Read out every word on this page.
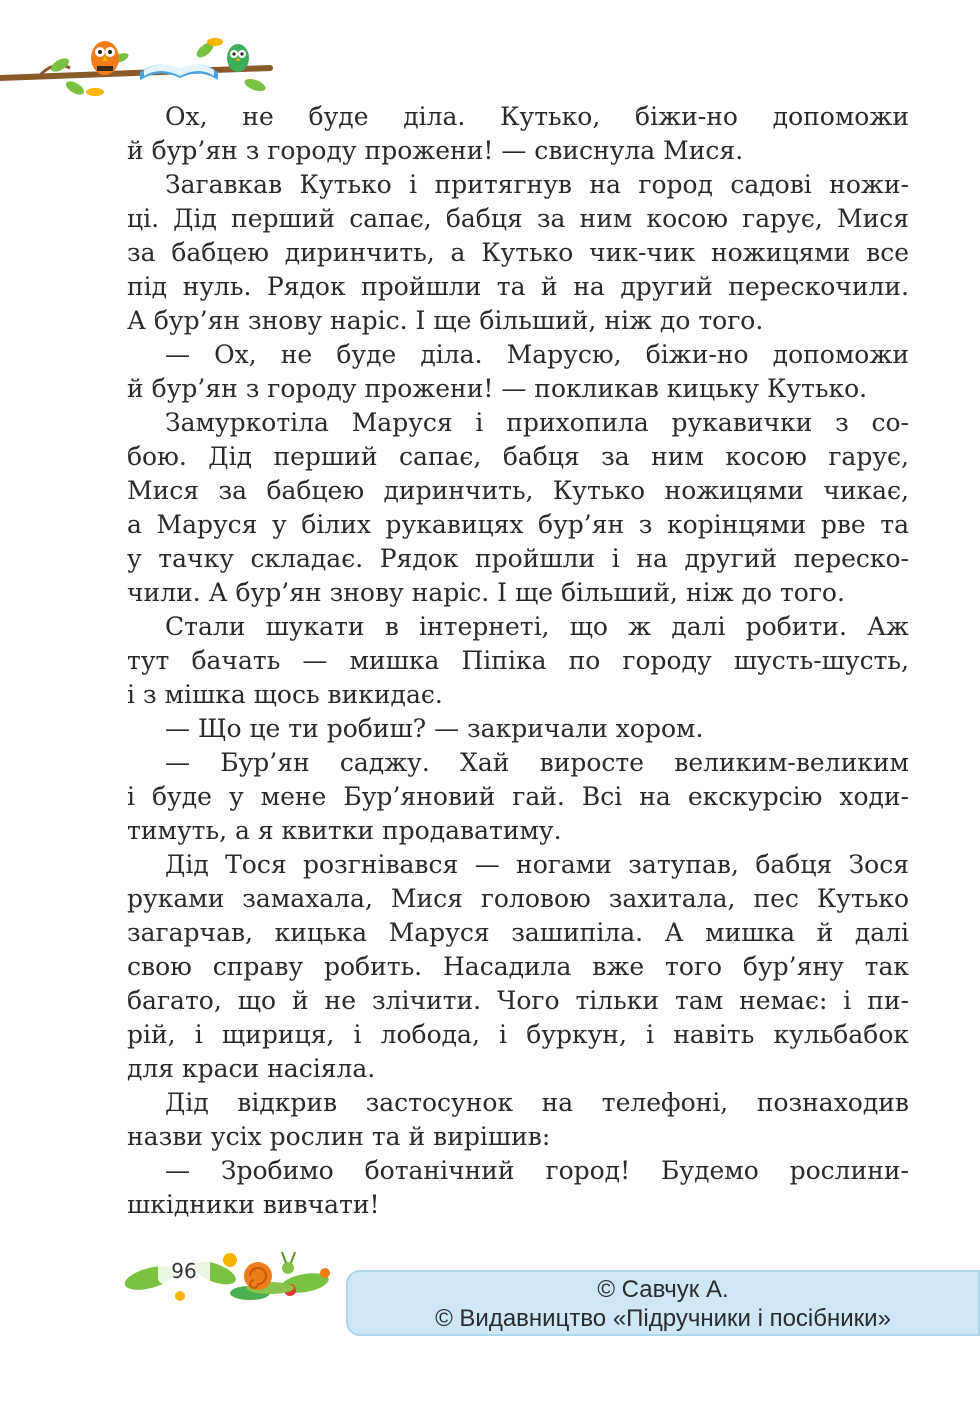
Ох, не буде діла. Кутько, біжи-но допоможи

й бур’ян з городу прожени! — свиснула Мися.

Загавкав Кутько і притягнув на город садові ножи-

ці. Дід перший сапає, бабця за ним косою гарує, Мися

за бабцею диринчить, а Кутько чик-чик ножицями все

під нуль. Рядок пройшли та й на другий перескочили.

А бур’ян знову наріс. І ще більший, ніж до того.

— Ох, не буде діла. Марусю, біжи-но допоможи

й бур’ян з городу прожени! — покликав кицьку Кутько.

Замуркотіла Маруся і прихопила рукавички з со-

бою. Дід перший сапає, бабця за ним косою гарує,

Мися за бабцею диринчить, Кутько ножицями чикає,

а Маруся у білих рукавицях бур’ян з корінцями рве та

у тачку складає. Рядок пройшли і на другий переско-

чили. А бур’ян знову наріс. І ще більший, ніж до того.

Стали шукати в інтернеті, що ж далі робити. Аж

тут бачать — мишка Піпіка по городу шусть-шусть,

і з мішка щось викидає.

— Що це ти робиш? — закричали хором.

— Бур’ян саджу. Хай виросте великим-великим

і буде у мене Бур’яновий гай. Всі на екскурсію ходи-

тимуть, а я квитки продаватиму.

Дід Тося розгнівався — ногами затупав, бабця Зося

руками замахала, Мися головою захитала, пес Кутько

загарчав, кицька Маруся зашипіла. А мишка й далі

свою справу робить. Насадила вже того бур’яну так

багато, що й не злічити. Чого тільки там немає: і пи-

рій, і щириця, і лобода, і буркун, і навіть кульбабок

для краси насіяла.

Дід відкрив застосунок на телефоні, познаходив

назви усіх рослин та й вирішив:

— Зробимо ботанічний город! Будемо рослини-

шкідники вивчати!

96
© Савчук А.
© Видавництво «Підручники і посібники»
